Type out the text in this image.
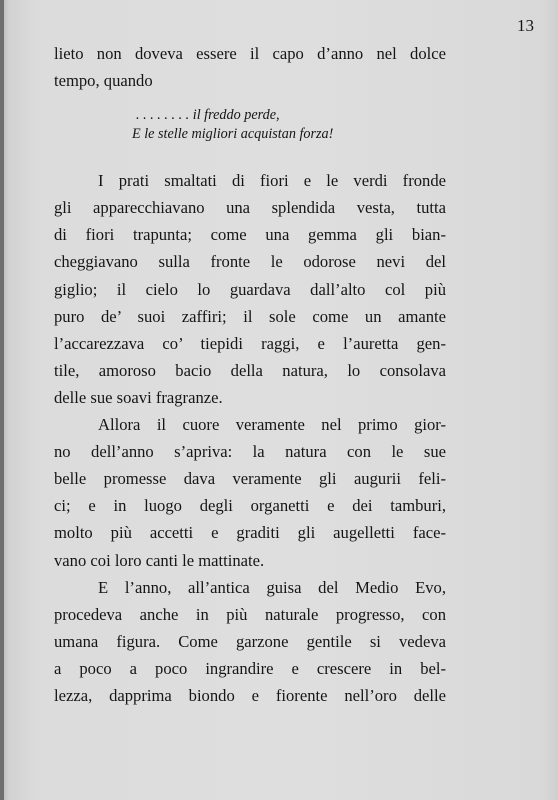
13
lieto non doveva essere il capo d’anno nel dolce
tempo, quando
. . . . . . . . il freddo perde,
E le stelle migliori acquistan forza!
I prati smaltati di fiori e le verdi fronde
gli apparecchiavano una splendida vesta, tutta
di fiori trapunta; come una gemma gli bian-
cheggiavano sulla fronte le odorose nevi del
giglio; il cielo lo guardava dall’alto col più
puro de’ suoi zaffiri; il sole come un amante
l’accarezzava co’ tiepidi raggi, e l’auretta gen-
tile, amoroso bacio della natura, lo consolava
delle sue soavi fragranze.
Allora il cuore veramente nel primo gior-
no dell’anno s’apriva: la natura con le sue
belle promesse dava veramente gli augurii feli-
ci; e in luogo degli organetti e dei tamburi,
molto più accetti e graditi gli augelletti face-
vano coi loro canti le mattinate.
E l’anno, all’antica guisa del Medio Evo,
procedeva anche in più naturale progresso, con
umana figura. Come garzone gentile si vedeva
a poco a poco ingrandire e crescere in bel-
lezza, dapprima biondo e fiorente nell’oro delle
